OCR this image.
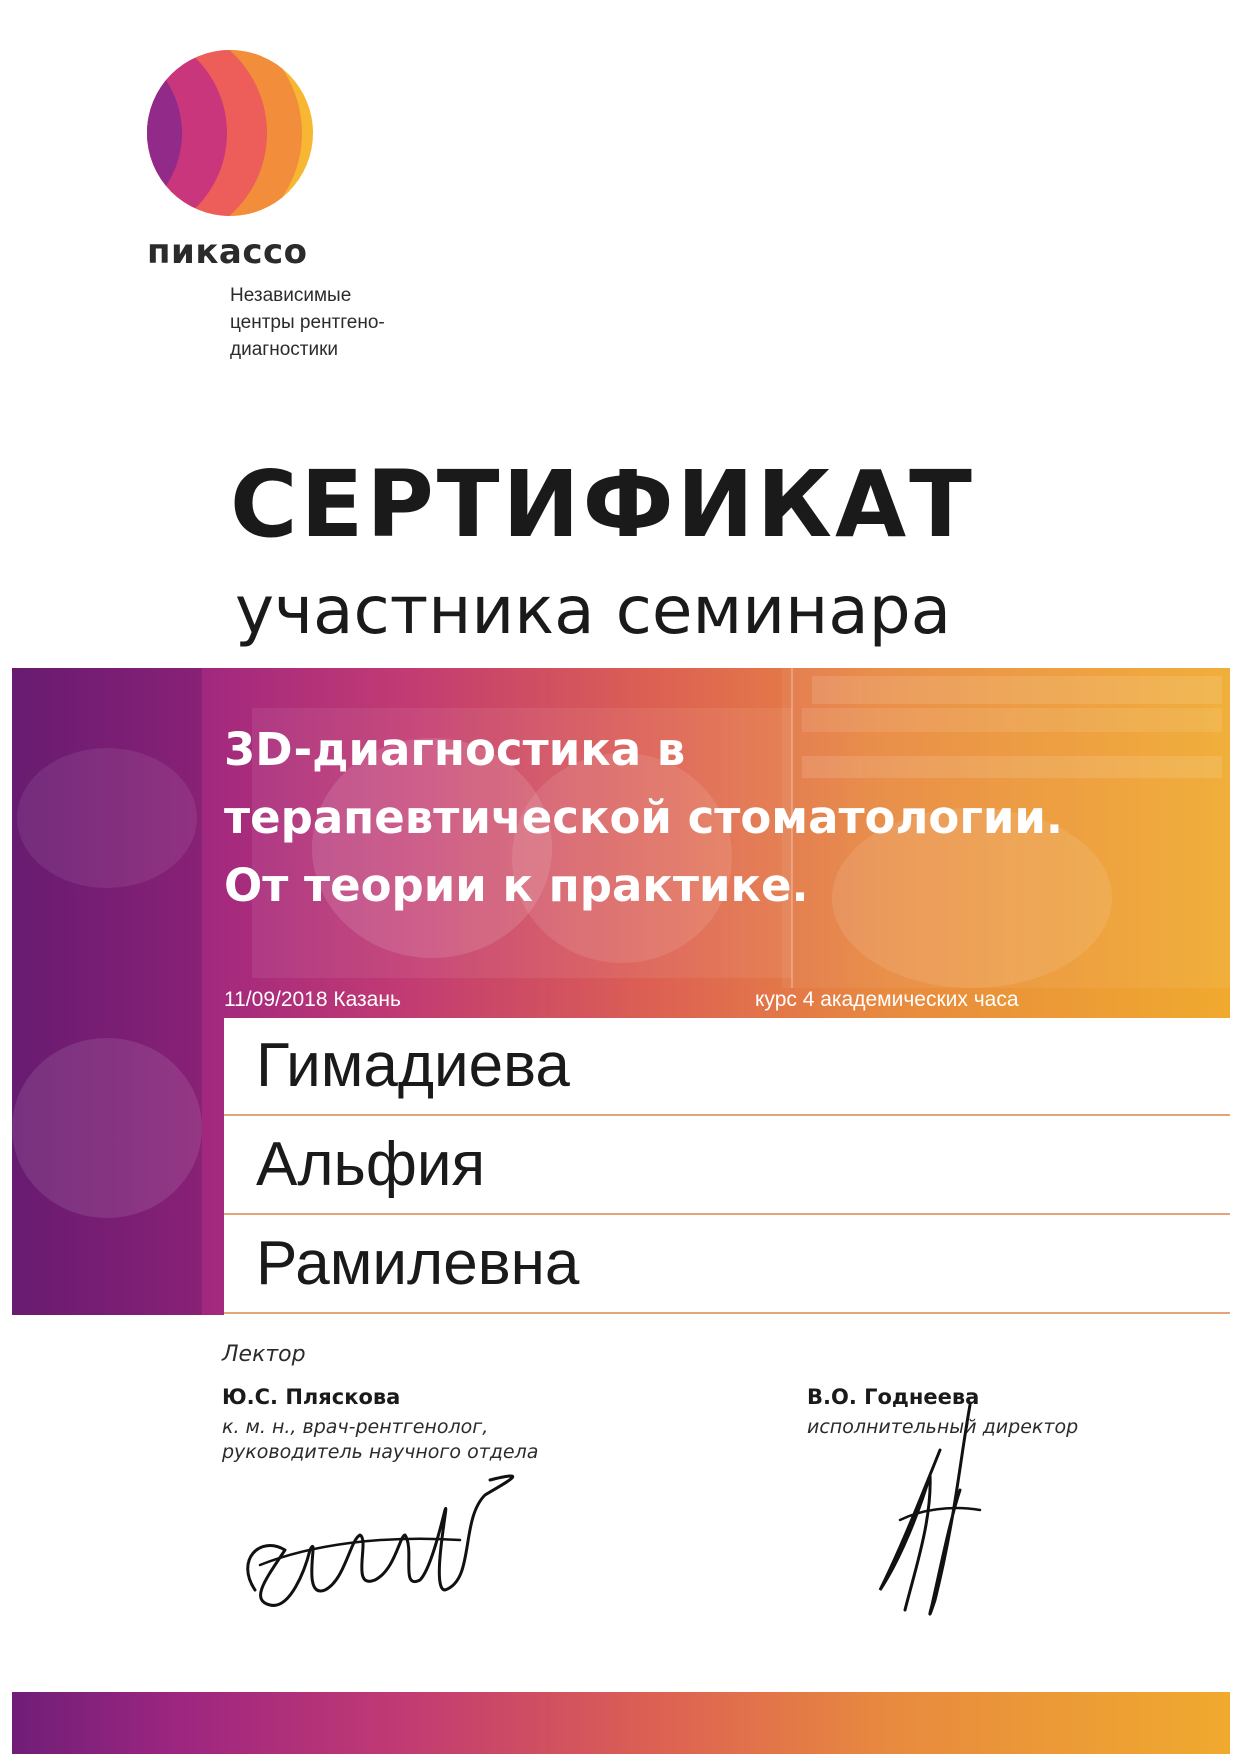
пикассо
Независимые
центры рентгено-
диагностики
СЕРТИФИКАТ
участника семинара
3D-диагностика в
терапевтической стоматологии.
От теории к практике.
11/09/2018 Казань	курс 4 академических часа
Гимадиева
Альфия
Рамилевна
Лектор
Ю.С. Пляскова
к. м. н., врач-рентгенолог,
руководитель научного отдела
В.О. Годнеева
исполнительный директор
